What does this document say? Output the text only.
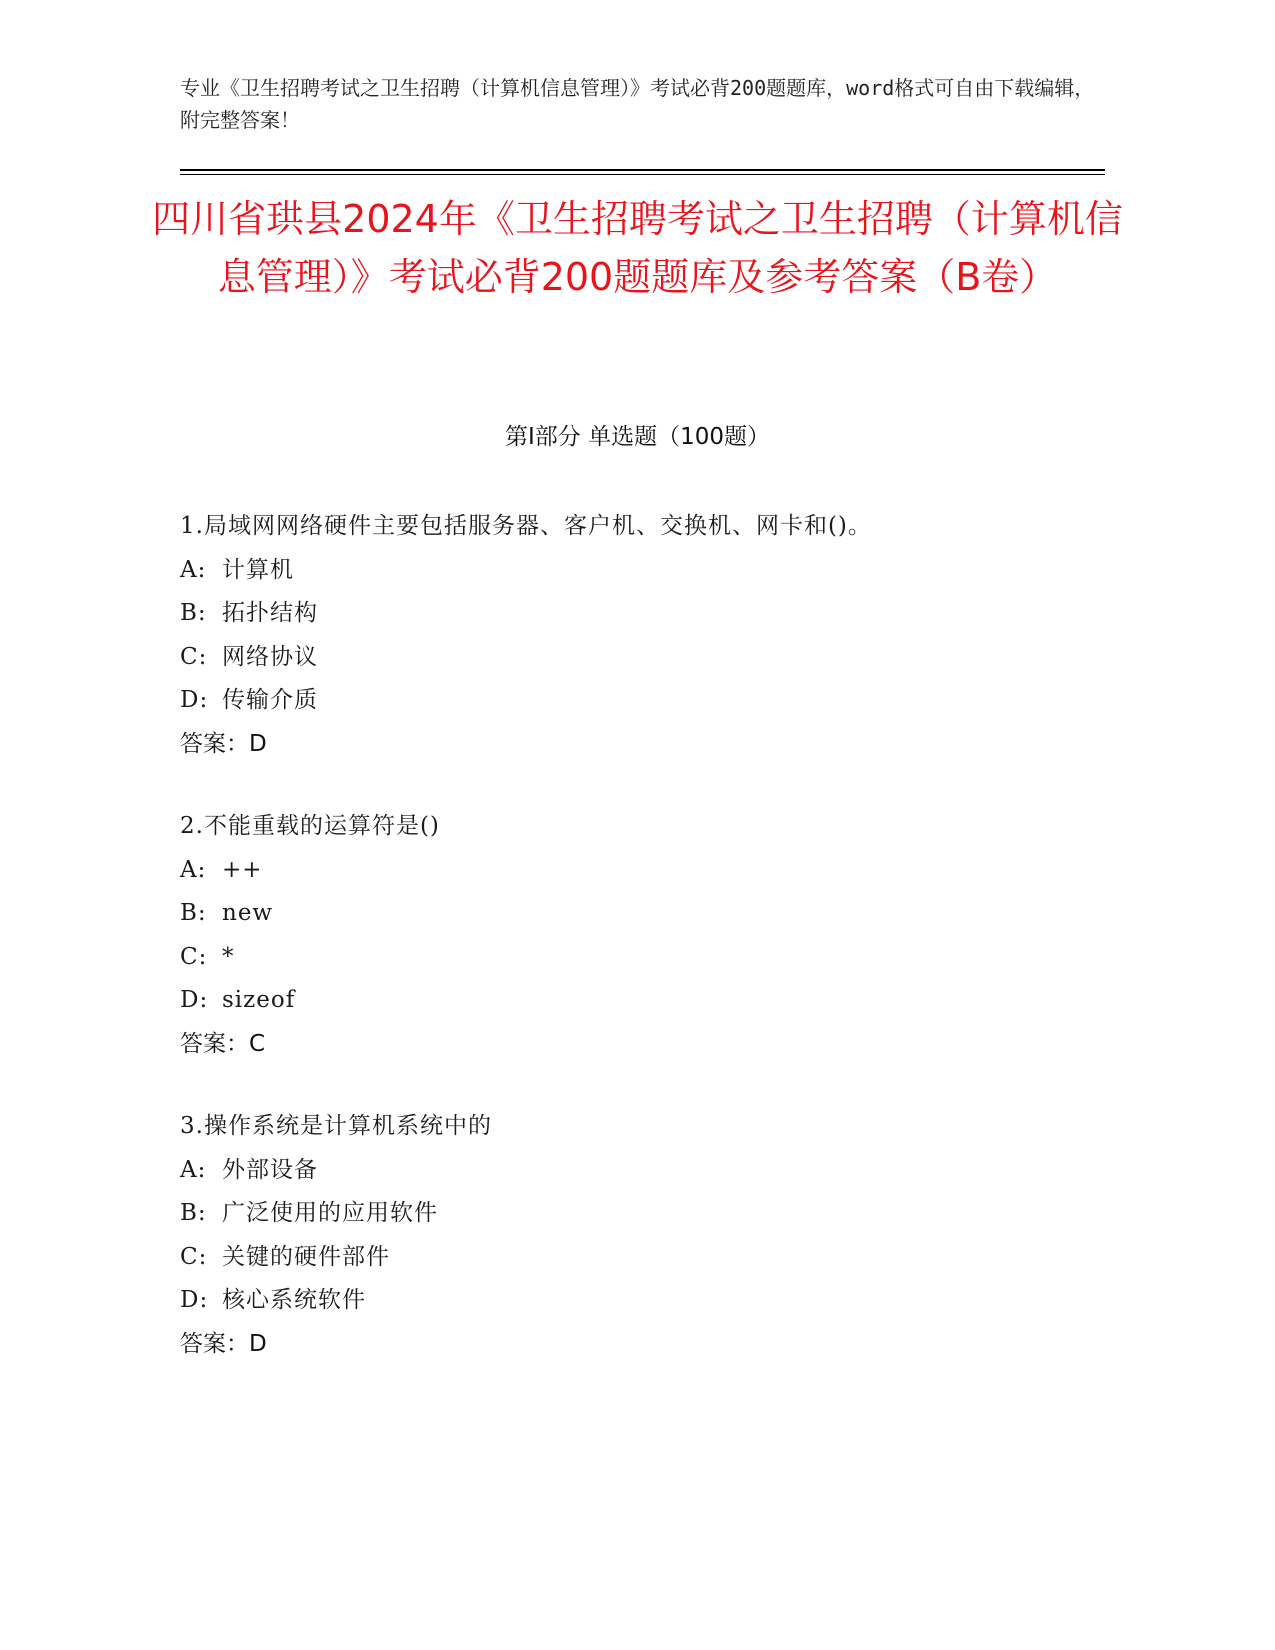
专业《卫生招聘考试之卫生招聘（计算机信息管理）》考试必背200题题库，word格式可自由下载编辑，附完整答案！
四川省珙县2024年《卫生招聘考试之卫生招聘（计算机信息管理）》考试必背200题题库及参考答案（B卷）
第Ⅰ部分 单选题（100题）
1.局域网网络硬件主要包括服务器、客户机、交换机、网卡和()。
A: 计算机
B: 拓扑结构
C: 网络协议
D: 传输介质
答案：D
2.不能重载的运算符是()
A: ++
B: new
C: *
D: sizeof
答案：C
3.操作系统是计算机系统中的
A: 外部设备
B: 广泛使用的应用软件
C: 关键的硬件部件
D: 核心系统软件
答案：D
